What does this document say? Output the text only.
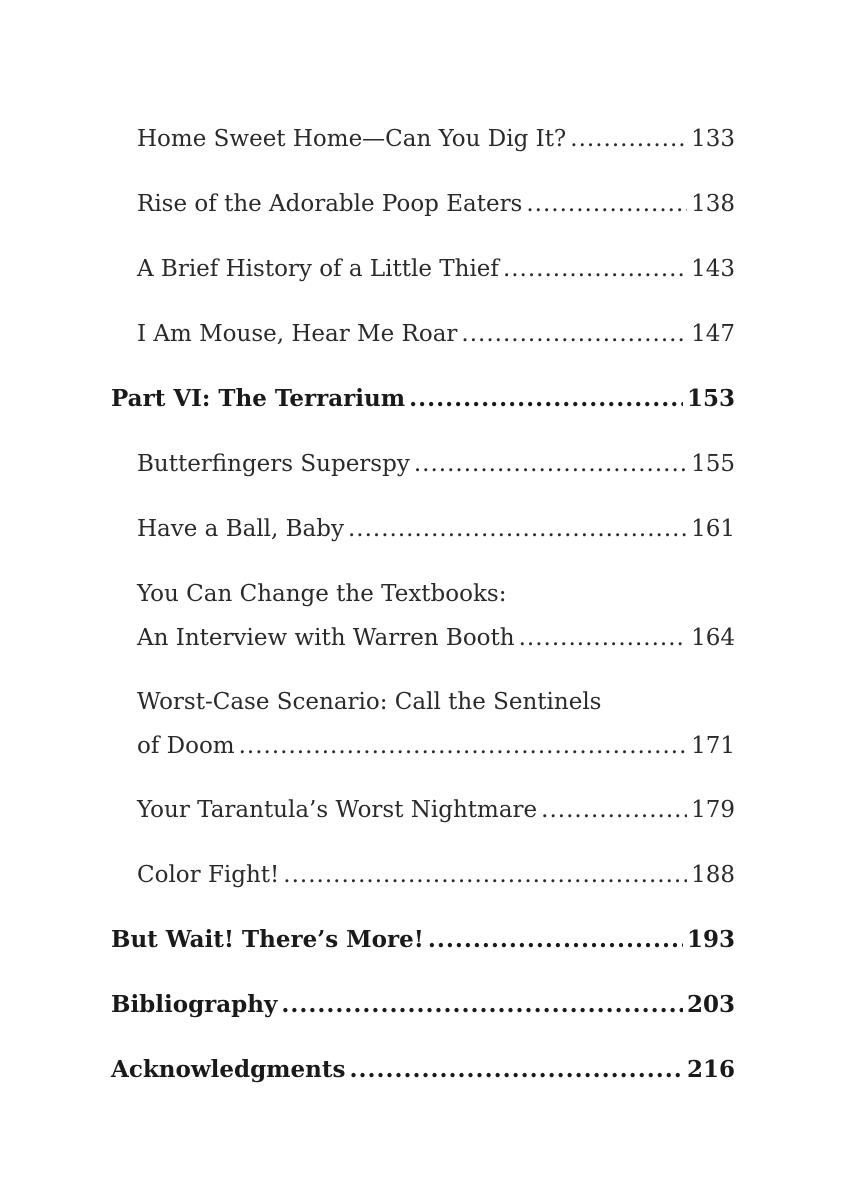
Home Sweet Home—Can You Dig It? .....	133
Rise of the Adorable Poop Eaters .....	138
A Brief History of a Little Thief .....	143
I Am Mouse, Hear Me Roar .....	147
Part VI: The Terrarium .....	153
Butterfingers Superspy .....	155
Have a Ball, Baby .....	161
You Can Change the Textbooks:
An Interview with Warren Booth .....	164
Worst-Case Scenario: Call the Sentinels
of Doom .....	171
Your Tarantula’s Worst Nightmare .....	179
Color Fight! .....	188
But Wait! There’s More! .....	193
Bibliography .....	203
Acknowledgments .....	216
